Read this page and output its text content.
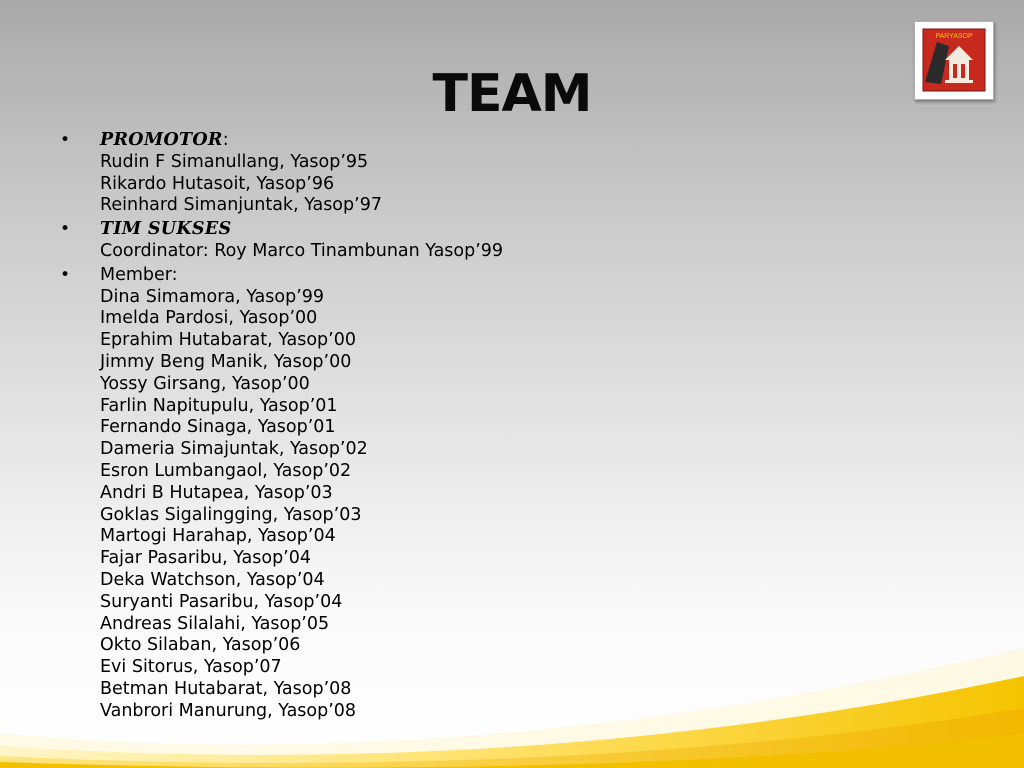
TEAM
PARYASOP
• PROMOTOR:
Rudin F Simanullang, Yasop’95
Rikardo Hutasoit, Yasop’96
Reinhard Simanjuntak, Yasop’97
• TIM SUKSES
Coordinator: Roy Marco Tinambunan Yasop’99
• Member:
Dina Simamora, Yasop’99
Imelda Pardosi, Yasop’00
Eprahim Hutabarat, Yasop’00
Jimmy Beng Manik, Yasop’00
Yossy Girsang, Yasop’00
Farlin Napitupulu, Yasop’01
Fernando Sinaga, Yasop’01
Dameria Simajuntak, Yasop’02
Esron Lumbangaol, Yasop’02
Andri B Hutapea, Yasop’03
Goklas Sigalingging, Yasop’03
Martogi Harahap, Yasop’04
Fajar Pasaribu, Yasop’04
Deka Watchson, Yasop’04
Suryanti Pasaribu, Yasop’04
Andreas Silalahi, Yasop’05
Okto Silaban, Yasop’06
Evi Sitorus, Yasop’07
Betman Hutabarat, Yasop’08
Vanbrori Manurung, Yasop’08
